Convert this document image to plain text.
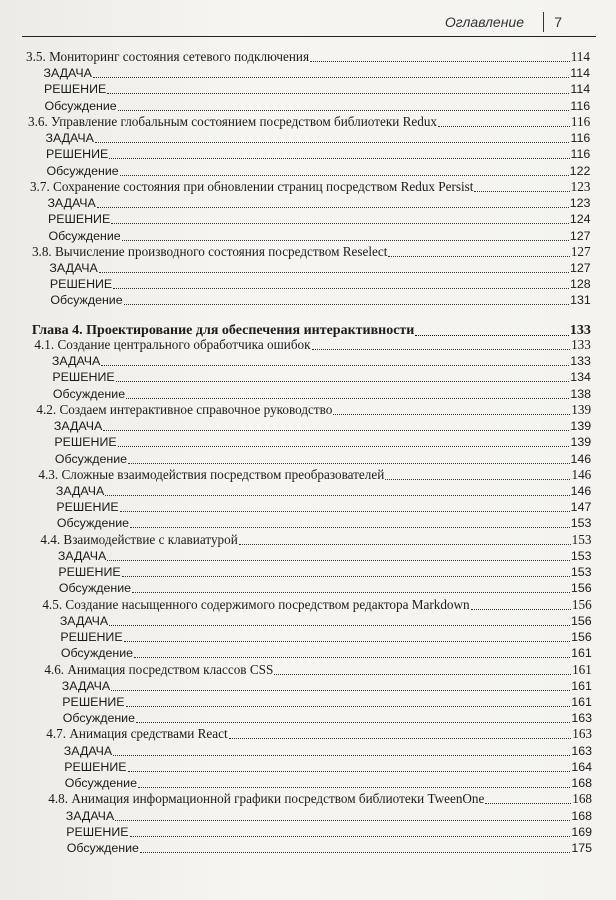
Оглавление 7
3.5. Мониторинг состояния сетевого подключения	114
ЗАДАЧА	114
РЕШЕНИЕ	114
Обсуждение	116
3.6. Управление глобальным состоянием посредством библиотеки Redux	116
ЗАДАЧА	116
РЕШЕНИЕ	116
Обсуждение	122
3.7. Сохранение состояния при обновлении страниц посредством Redux Persist	123
ЗАДАЧА	123
РЕШЕНИЕ	124
Обсуждение	127
3.8. Вычисление производного состояния посредством Reselect	127
ЗАДАЧА	127
РЕШЕНИЕ	128
Обсуждение	131
Глава 4. Проектирование для обеспечения интерактивности	133
4.1. Создание центрального обработчика ошибок	133
ЗАДАЧА	133
РЕШЕНИЕ	134
Обсуждение	138
4.2. Создаем интерактивное справочное руководство	139
ЗАДАЧА	139
РЕШЕНИЕ	139
Обсуждение	146
4.3. Сложные взаимодействия посредством преобразователей	146
ЗАДАЧА	146
РЕШЕНИЕ	147
Обсуждение	153
4.4. Взаимодействие с клавиатурой	153
ЗАДАЧА	153
РЕШЕНИЕ	153
Обсуждение	156
4.5. Создание насыщенного содержимого посредством редактора Markdown	156
ЗАДАЧА	156
РЕШЕНИЕ	156
Обсуждение	161
4.6. Анимация посредством классов CSS	161
ЗАДАЧА	161
РЕШЕНИЕ	161
Обсуждение	163
4.7. Анимация средствами React	163
ЗАДАЧА	163
РЕШЕНИЕ	164
Обсуждение	168
4.8. Анимация информационной графики посредством библиотеки TweenOne	168
ЗАДАЧА	168
РЕШЕНИЕ	169
Обсуждение	175
